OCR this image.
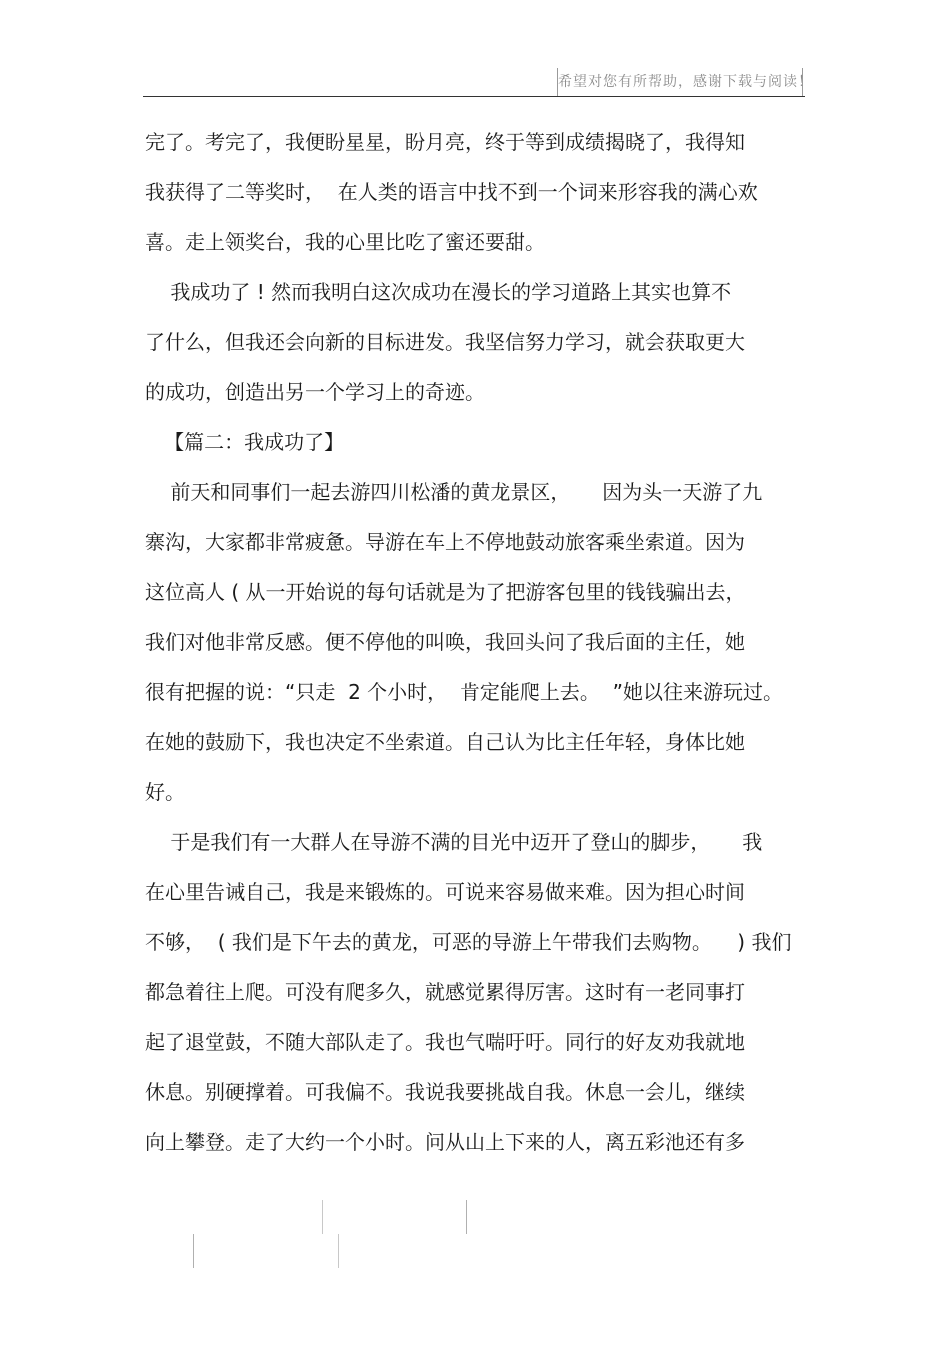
希望对您有所帮助，感谢下载与阅读！
完了。考完了，我便盼星星，盼月亮，终于等到成绩揭晓了，我得知
我获得了二等奖时，  在人类的语言中找不到一个词来形容我的满心欢
喜。走上领奖台，我的心里比吃了蜜还要甜。
我成功了 ! 然而我明白这次成功在漫长的学习道路上其实也算不
了什么，但我还会向新的目标进发。我坚信努力学习，就会获取更大
的成功，创造出另一个学习上的奇迹。
【篇二：我成功了】
前天和同事们一起去游四川松潘的黄龙景区，     因为头一天游了九
寨沟，大家都非常疲惫。导游在车上不停地鼓动旅客乘坐索道。因为
这位高人 ( 从一开始说的每句话就是为了把游客包里的钱钱骗出去，
我们对他非常反感。便不停他的叫唤，我回头问了我后面的主任，她
很有把握的说：“只走  2 个小时，  肯定能爬上去。  ”她以往来游玩过。
在她的鼓励下，我也决定不坐索道。自己认为比主任年轻，身体比她
好。
于是我们有一大群人在导游不满的目光中迈开了登山的脚步，     我
在心里告诫自己，我是来锻炼的。可说来容易做来难。因为担心时间
不够，  ( 我们是下午去的黄龙，可恶的导游上午带我们去购物。    ) 我们
都急着往上爬。可没有爬多久，就感觉累得厉害。这时有一老同事打
起了退堂鼓，不随大部队走了。我也气喘吁吁。同行的好友劝我就地
休息。别硬撑着。可我偏不。我说我要挑战自我。休息一会儿，继续
向上攀登。走了大约一个小时。问从山上下来的人，离五彩池还有多
